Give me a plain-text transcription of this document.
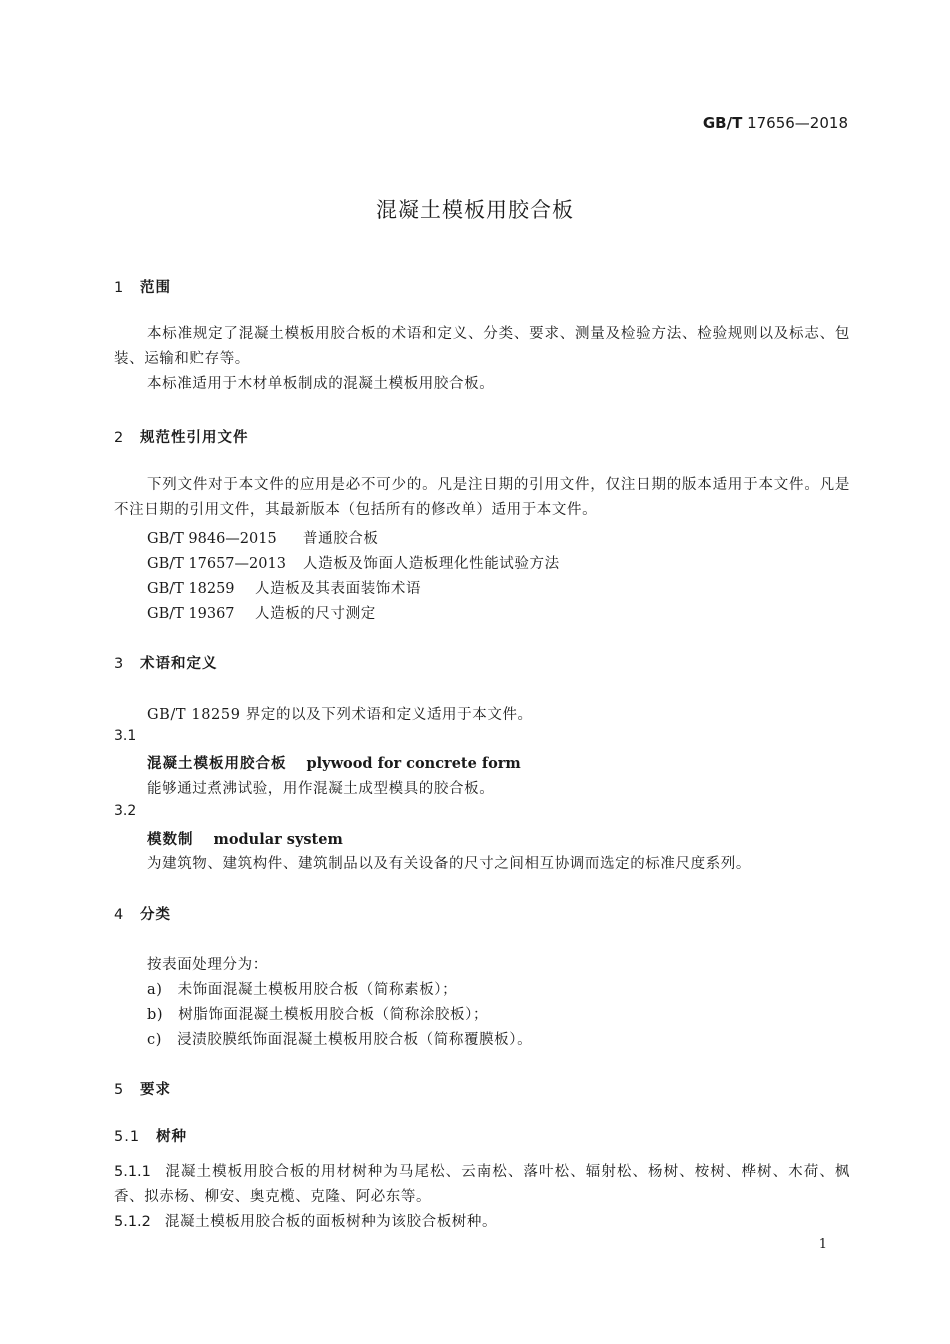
GB/T 17656—2018
混凝土模板用胶合板
1 范围
本标准规定了混凝土模板用胶合板的术语和定义、分类、要求、测量及检验方法、检验规则以及标志、包装、运输和贮存等。
本标准适用于木材单板制成的混凝土模板用胶合板。
2 规范性引用文件
下列文件对于本文件的应用是必不可少的。凡是注日期的引用文件，仅注日期的版本适用于本文件。凡是不注日期的引用文件，其最新版本（包括所有的修改单）适用于本文件。
GB/T 9846—2015 普通胶合板
GB/T 17657—2013 人造板及饰面人造板理化性能试验方法
GB/T 18259 人造板及其表面装饰术语
GB/T 19367 人造板的尺寸测定
3 术语和定义
GB/T 18259 界定的以及下列术语和定义适用于本文件。
3.1
混凝土模板用胶合板 plywood for concrete form
能够通过煮沸试验，用作混凝土成型模具的胶合板。
3.2
模数制 modular system
为建筑物、建筑构件、建筑制品以及有关设备的尺寸之间相互协调而选定的标准尺度系列。
4 分类
按表面处理分为：
a)　未饰面混凝土模板用胶合板（简称素板）；
b)　树脂饰面混凝土模板用胶合板（简称涂胶板）；
c)　浸渍胶膜纸饰面混凝土模板用胶合板（简称覆膜板）。
5 要求
5.1 树种
5.1.1 混凝土模板用胶合板的用材树种为马尾松、云南松、落叶松、辐射松、杨树、桉树、桦树、木荷、枫香、拟赤杨、柳安、奥克榄、克隆、阿必东等。
5.1.2 混凝土模板用胶合板的面板树种为该胶合板树种。
1
